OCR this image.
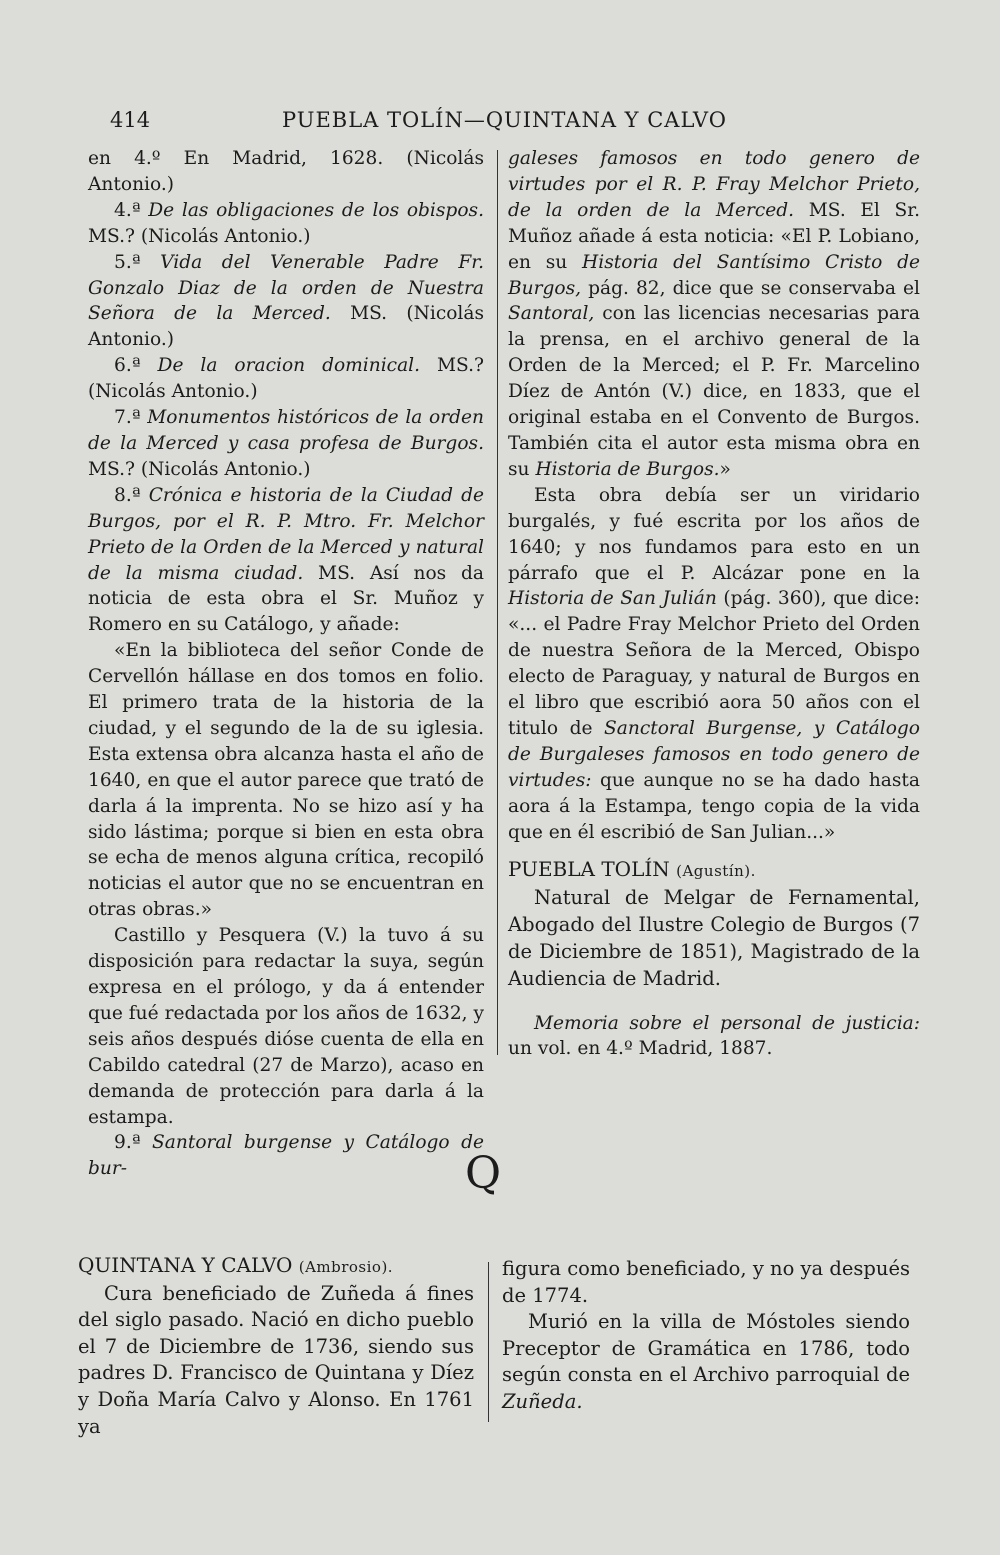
414	PUEBLA TOLÍN—QUINTANA Y CALVO

en 4.º En Madrid, 1628. (Nicolás Antonio.)

4.ª De las obligaciones de los obispos. MS.? (Nicolás Antonio.)

5.ª Vida del Venerable Padre Fr. Gonzalo Diaz de la orden de Nuestra Señora de la Merced. MS. (Nicolás Antonio.)

6.ª De la oracion dominical. MS.? (Nicolás Antonio.)

7.ª Monumentos históricos de la orden de la Merced y casa profesa de Burgos. MS.? (Nicolás Antonio.)

8.ª Crónica e historia de la Ciudad de Burgos, por el R. P. Mtro. Fr. Melchor Prieto de la Orden de la Merced y natural de la misma ciudad. MS. Así nos da noticia de esta obra el Sr. Muñoz y Romero en su Catálogo, y añade:

«En la biblioteca del señor Conde de Cervellón hállase en dos tomos en folio. El primero trata de la historia de la ciudad, y el segundo de la de su iglesia. Esta extensa obra alcanza hasta el año de 1640, en que el autor parece que trató de darla á la imprenta. No se hizo así y ha sido lástima; porque si bien en esta obra se echa de menos alguna crítica, recopiló noticias el autor que no se encuentran en otras obras.»

Castillo y Pesquera (V.) la tuvo á su disposición para redactar la suya, según expresa en el prólogo, y da á entender que fué redactada por los años de 1632, y seis años después dióse cuenta de ella en Cabildo catedral (27 de Marzo), acaso en demanda de protección para darla á la estampa.

9.ª Santoral burgense y Catálogo de bur-

galeses famosos en todo genero de virtudes por el R. P. Fray Melchor Prieto, de la orden de la Merced. MS. El Sr. Muñoz añade á esta noticia: «El P. Lobiano, en su Historia del Santísimo Cristo de Burgos, pág. 82, dice que se conservaba el Santoral, con las licencias necesarias para la prensa, en el archivo general de la Orden de la Merced; el P. Fr. Marcelino Díez de Antón (V.) dice, en 1833, que el original estaba en el Convento de Burgos. También cita el autor esta misma obra en su Historia de Burgos.»

Esta obra debía ser un viridario burgalés, y fué escrita por los años de 1640; y nos fundamos para esto en un párrafo que el P. Alcázar pone en la Historia de San Julián (pág. 360), que dice: «... el Padre Fray Melchor Prieto del Orden de nuestra Señora de la Merced, Obispo electo de Paraguay, y natural de Burgos en el libro que escribió aora 50 años con el titulo de Sanctoral Burgense, y Catálogo de Burgaleses famosos en todo genero de virtudes: que aunque no se ha dado hasta aora á la Estampa, tengo copia de la vida que en él escribió de San Julian...»

PUEBLA TOLÍN (Agustín).

Natural de Melgar de Fernamental, Abogado del Ilustre Colegio de Burgos (7 de Diciembre de 1851), Magistrado de la Audiencia de Madrid.

Memoria sobre el personal de justicia: un vol. en 4.º Madrid, 1887.

Q

QUINTANA Y CALVO (Ambrosio).

Cura beneficiado de Zuñeda á fines del siglo pasado. Nació en dicho pueblo el 7 de Diciembre de 1736, siendo sus padres D. Francisco de Quintana y Díez y Doña María Calvo y Alonso. En 1761 ya

figura como beneficiado, y no ya después de 1774.

Murió en la villa de Móstoles siendo Preceptor de Gramática en 1786, todo según consta en el Archivo parroquial de Zuñeda.
